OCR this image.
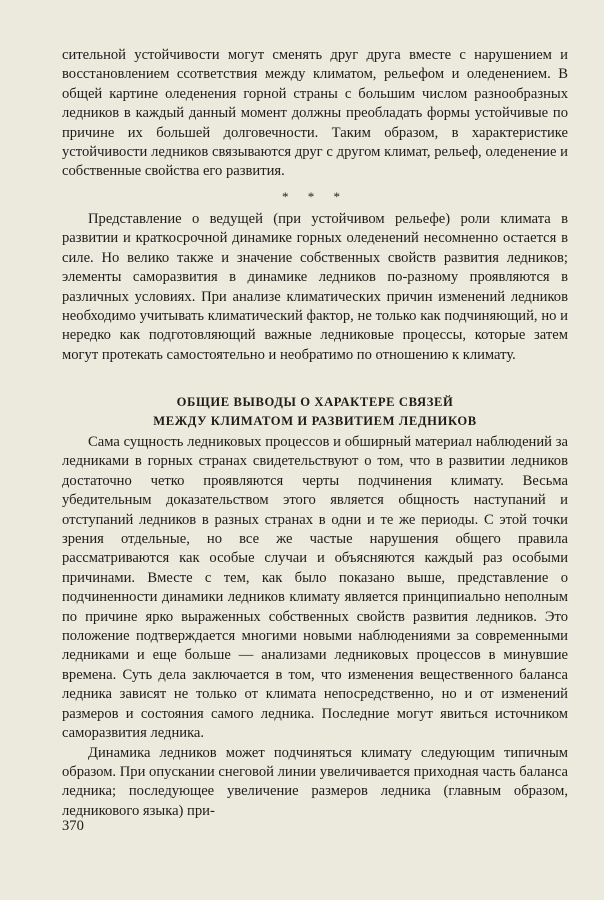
сительной устойчивости могут сменять друг друга вместе с нарушением и восстановлением ссответствия между климатом, рельефом и оледенением. В общей картине оледенения горной страны с большим числом разнообразных ледников в каждый данный момент должны преобладать формы устойчивые по причине их большей долговечности. Таким образом, в характеристике устойчивости ледников связываются друг с другом климат, рельеф, оледенение и собственные свойства его развития.

* * *

Представление о ведущей (при устойчивом рельефе) роли климата в развитии и краткосрочной динамике горных оледенений несомненно остается в силе. Но велико также и значение собственных свойств развития ледников; элементы саморазвития в динамике ледников по-разному проявляются в различных условиях. При анализе климатических причин изменений ледников необходимо учитывать климатический фактор, не только как подчиняющий, но и нередко как подготовляющий важные ледниковые процессы, которые затем могут протекать самостоятельно и необратимо по отношению к климату.

ОБЩИЕ ВЫВОДЫ О ХАРАКТЕРЕ СВЯЗЕЙ
МЕЖДУ КЛИМАТОМ И РАЗВИТИЕМ ЛЕДНИКОВ

Сама сущность ледниковых процессов и обширный материал наблюдений за ледниками в горных странах свидетельствуют о том, что в развитии ледников достаточно четко проявляются черты подчинения климату. Весьма убедительным доказательством этого является общность наступаний и отступаний ледников в разных странах в одни и те же периоды. С этой точки зрения отдельные, но все же частые нарушения общего правила рассматриваются как особые случаи и объясняются каждый раз особыми причинами. Вместе с тем, как было показано выше, представление о подчиненности динамики ледников климату является принципиально неполным по причине ярко выраженных собственных свойств развития ледников. Это положение подтверждается многими новыми наблюдениями за современными ледниками и еще больше — анализами ледниковых процессов в минувшие времена. Суть дела заключается в том, что изменения вещественного баланса ледника зависят не только от климата непосредственно, но и от изменений размеров и состояния самого ледника. Последние могут явиться источником саморазвития ледника.

Динамика ледников может подчиняться климату следующим типичным образом. При опускании снеговой линии увеличивается приходная часть баланса ледника; последующее увеличение размеров ледника (главным образом, ледникового языка) при-

370
